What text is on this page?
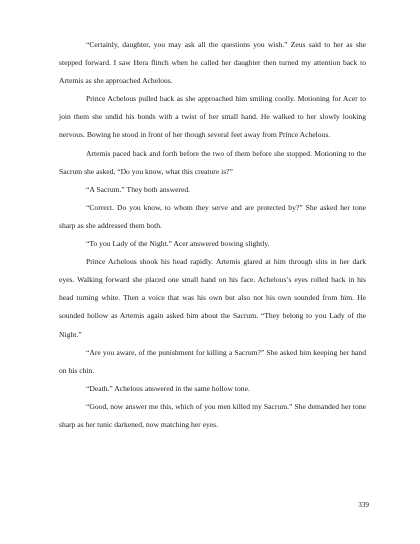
“Certainly, daughter, you may ask all the questions you wish.” Zeus said to her as she stepped forward. I saw Hera flinch when he called her daughter then turned my attention back to Artemis as she approached Achelous.

Prince Achelous pulled back as she approached him smiling coolly. Motioning for Acer to join them she undid his bonds with a twist of her small hand. He walked to her slowly looking nervous. Bowing he stood in front of her though several feet away from Prince Achelous.

Artemis paced back and forth before the two of them before she stopped. Motioning to the Sacrum she asked, “Do you know, what this creature is?”

“A Sacrum.” They both answered.

“Correct. Do you know, to whom they serve and are protected by?” She asked her tone sharp as she addressed them both.

“To you Lady of the Night.” Acer answered bowing slightly.

Prince Achelous shook his head rapidly. Artemis glared at him through slits in her dark eyes. Walking forward she placed one small hand on his face. Achelous’s eyes rolled back in his head turning white. Then a voice that was his own but also not his own sounded from him. He sounded hollow as Artemis again asked him about the Sacrum. “They belong to you Lady of the Night.”

“Are you aware, of the punishment for killing a Sacrum?” She asked him keeping her hand on his chin.

“Death.” Achelous answered in the same hollow tone.

“Good, now answer me this, which of you men killed my Sacrum.” She demanded her tone sharp as her tunic darkened, now matching her eyes.

339
